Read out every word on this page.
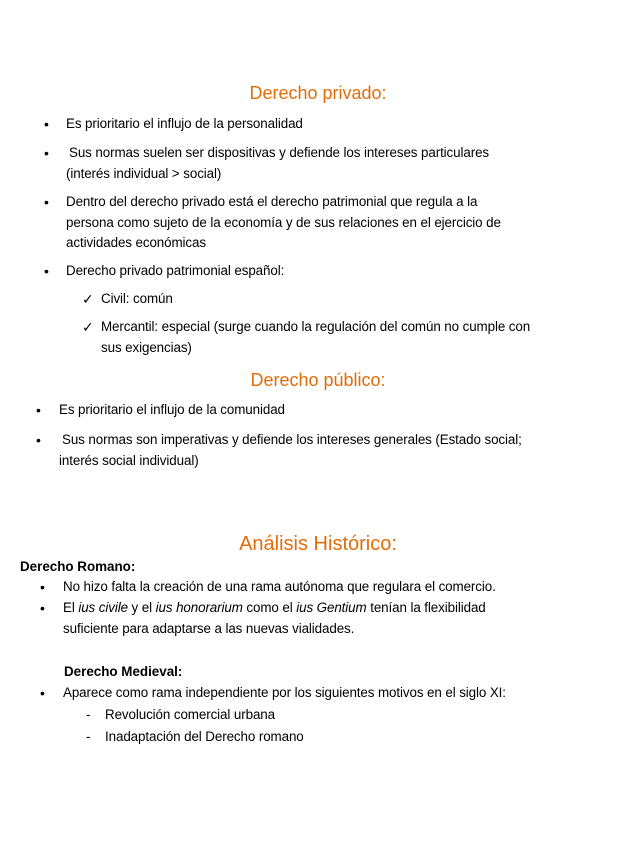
Derecho privado:
• Es prioritario el influjo de la personalidad
• Sus normas suelen ser dispositivas y defiende los intereses particulares
(interés individual > social)
• Dentro del derecho privado está el derecho patrimonial que regula a la
persona como sujeto de la economía y de sus relaciones en el ejercicio de
actividades económicas
• Derecho privado patrimonial español:
✓ Civil: común
✓ Mercantil: especial (surge cuando la regulación del común no cumple con
sus exigencias)
Derecho público:
• Es prioritario el influjo de la comunidad
• Sus normas son imperativas y defiende los intereses generales (Estado social;
interés social individual)
Análisis Histórico:
Derecho Romano:
• No hizo falta la creación de una rama autónoma que regulara el comercio.
• El ius civile y el ius honorarium como el ius Gentium tenían la flexibilidad
suficiente para adaptarse a las nuevas vialidades.
Derecho Medieval:
• Aparece como rama independiente por los siguientes motivos en el siglo XI:
- Revolución comercial urbana
- Inadaptación del Derecho romano
